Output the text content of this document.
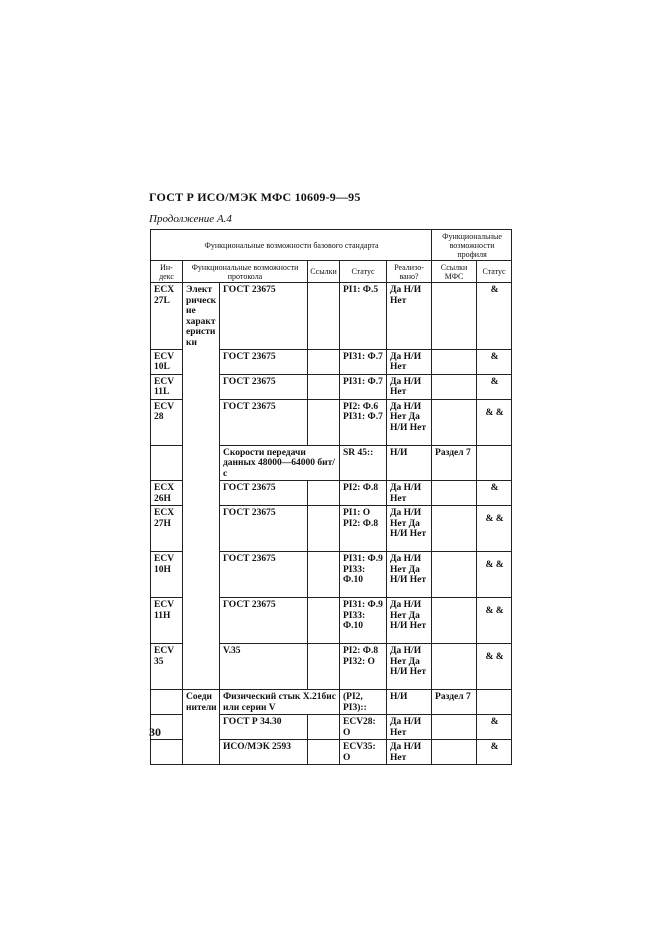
ГОСТ Р ИСО/МЭК МФС 10609-9—95
Продолжение А.4
Функциональные возможности базового стандарта						Функциональные возможности профиля	
Ин- декс	Функциональные возможности протокола		Ссылки	Статус	Реализо- вано?	Ссылки МФС	Статус
ECX 27L	Электрические характеристики	ГОСТ 23675		PI1: Ф.5	Да Н/И Нет		&
ECV 10L		ГОСТ 23675		PI31: Ф.7	Да Н/И Нет		&
ECV 11L		ГОСТ 23675		PI31: Ф.7	Да Н/И Нет		&
ECV 28		ГОСТ 23675		PI2: Ф.6 PI31: Ф.7	Да Н/И Нет Да Н/И Нет		& &
		Скорости передачи данных 48000—64000 бит/с		SR 45::	Н/И	Раздел 7	
ECX 26H		ГОСТ 23675		PI2: Ф.8	Да Н/И Нет		&
ECX 27H		ГОСТ 23675		PI1: O PI2: Ф.8	Да Н/И Нет Да Н/И Нет		& &
ECV 10H		ГОСТ 23675		PI31: Ф.9 PI33: Ф.10	Да Н/И Нет Да Н/И Нет		& &
ECV 11H		ГОСТ 23675		PI31: Ф.9 PI33: Ф.10	Да Н/И Нет Да Н/И Нет		& &
ECV 35		V.35		PI2: Ф.8 PI32: O	Да Н/И Нет Да Н/И Нет		& &
	Соединители	Физический стык Х.21бис или серии V		(PI2, PI3)::	Н/И	Раздел 7	
		ГОСТ Р 34.30		ECV28: O	Да Н/И Нет		&
		ИСО/МЭК 2593		ECV35: O	Да Н/И Нет		&
30
